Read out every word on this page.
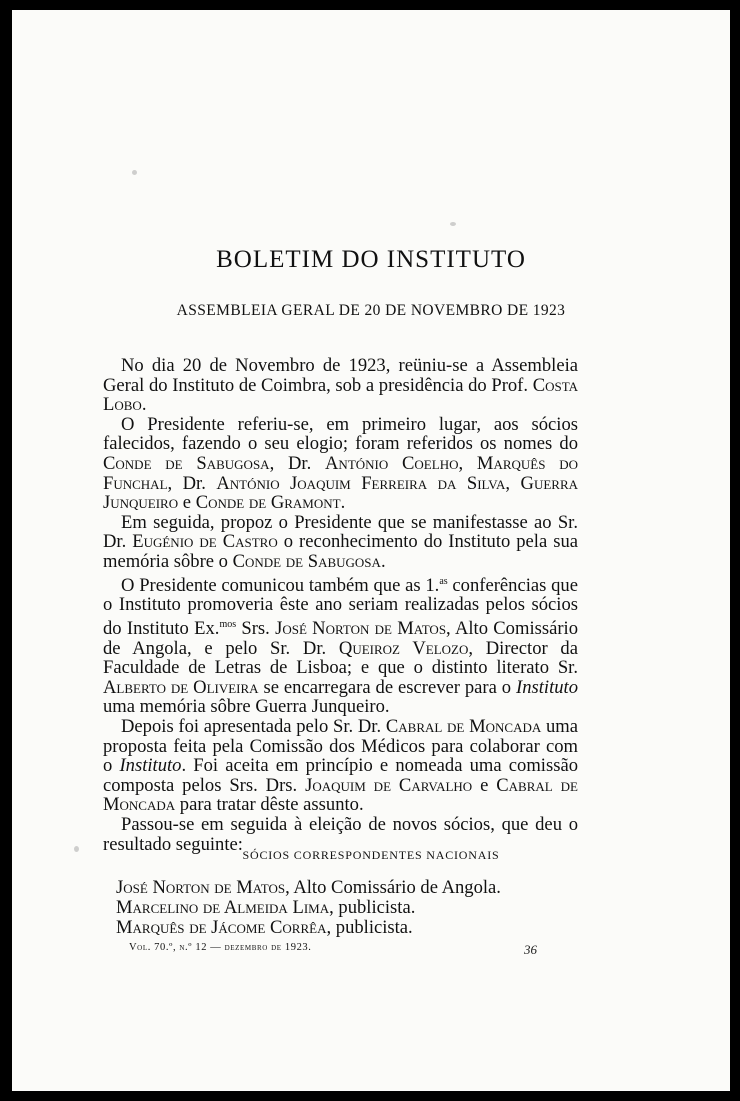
BOLETIM DO INSTITUTO
ASSEMBLEIA GERAL DE 20 DE NOVEMBRO DE 1923

No dia 20 de Novembro de 1923, reüniu-se a Assembleia Geral do Instituto de Coimbra, sob a presidência do Prof. Costa Lobo.

O Presidente referiu-se, em primeiro lugar, aos sócios falecidos, fazendo o seu elogio; foram referidos os nomes do Conde de Sabugosa, Dr. António Coelho, Marquês do Funchal, Dr. António Joaquim Ferreira da Silva, Guerra Junqueiro e Conde de Gramont.

Em seguida, propoz o Presidente que se manifestasse ao Sr. Dr. Eugénio de Castro o reconhecimento do Instituto pela sua memória sôbre o Conde de Sabugosa.

O Presidente comunicou também que as 1.$^{as}$ conferências que o Instituto promoveria êste ano seriam realizadas pelos sócios do Instituto Ex.$^{mos}$ Srs. José Norton de Matos, Alto Comissário de Angola, e pelo Sr. Dr. Queiroz Velozo, Director da Faculdade de Letras de Lisboa; e que o distinto literato Sr. Alberto de Oliveira se encarregara de escrever para o Instituto uma memória sôbre Guerra Junqueiro.

Depois foi apresentada pelo Sr. Dr. Cabral de Moncada uma proposta feita pela Comissão dos Médicos para colaborar com o Instituto. Foi aceita em princípio e nomeada uma comissão composta pelos Srs. Drs. Joaquim de Carvalho e Cabral de Moncada para tratar dêste assunto.

Passou-se em seguida à eleição de novos sócios, que deu o resultado seguinte:

SÓCIOS CORRESPONDENTES NACIONAIS
José Norton de Matos, Alto Comissário de Angola.
Marcelino de Almeida Lima, publicista.
Marquês de Jácome Corrêa, publicista.
Vol. 70.º, n.º 12 — dezembro de 1923.	36
